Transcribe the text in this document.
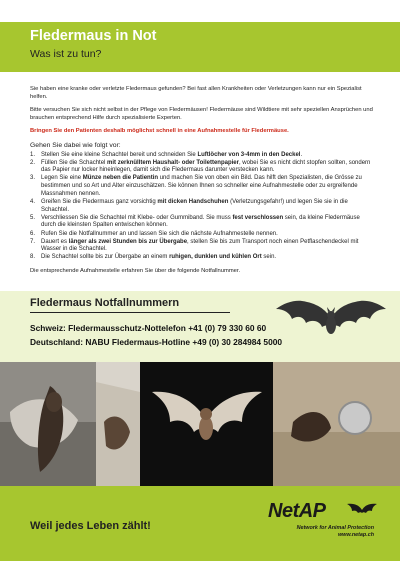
Fledermaus in Not
Was ist zu tun?

Sie haben eine kranke oder verletzte Fledermaus gefunden? Bei fast allen Krankheiten oder Verletzungen kann nur ein Spezialist helfen.

Bitte versuchen Sie sich nicht selbst in der Pflege von Fledermäusen! Fledermäuse sind Wildtiere mit sehr speziellen Ansprüchen und brauchen entsprechend Hilfe durch spezialisierte Experten.

Bringen Sie den Patienten deshalb möglichst schnell in eine Aufnahmestelle für Fledermäuse.

Gehen Sie dabei wie folgt vor:

1. Stellen Sie eine kleine Schachtel bereit und schneiden Sie Luftlöcher von 3-4mm in den Deckel.
2. Füllen Sie die Schachtel mit zerknülltem Haushalt- oder Toilettenpapier, wobei Sie es nicht dicht stopfen sollten, sondern das Papier nur locker hineinlegen, damit sich die Fledermaus darunter verstecken kann.
3. Legen Sie eine Münze neben die Patientin und machen Sie von oben ein Bild. Das hilft den Spezialisten, die Grösse zu bestimmen und so Art und Alter einzuschätzen. Sie können Ihnen so schneller eine Aufnahmestelle oder zu ergreifende Massnahmen nennen.
4. Greifen Sie die Fledermaus ganz vorsichtig mit dicken Handschuhen (Verletzungsgefahr!) und legen Sie sie in die Schachtel.
5. Verschliessen Sie die Schachtel mit Klebe- oder Gummiband. Sie muss fest verschlossen sein, da kleine Fledermäuse durch die kleinsten Spalten entwischen können.
6. Rufen Sie die Notfallnummer an und lassen Sie sich die nächste Aufnahmestelle nennen.
7. Dauert es länger als zwei Stunden bis zur Übergabe, stellen Sie bis zum Transport noch einen Petflaschendeckel mit Wasser in die Schachtel.
8. Die Schachtel sollte bis zur Übergabe an einem ruhigen, dunklen und kühlen Ort sein.

Die entsprechende Aufnahmestelle erfahren Sie über die folgende Notfallnummer.

Fledermaus Notfallnummern
Schweiz: Fledermausschutz-Nottelefon +41 (0) 79 330 60 60
Deutschland: NABU Fledermaus-Hotline +49 (0) 30 284984 5000
Weil jedes Leben zählt!
NetAP
Network for Animal Protection
www.netap.ch
